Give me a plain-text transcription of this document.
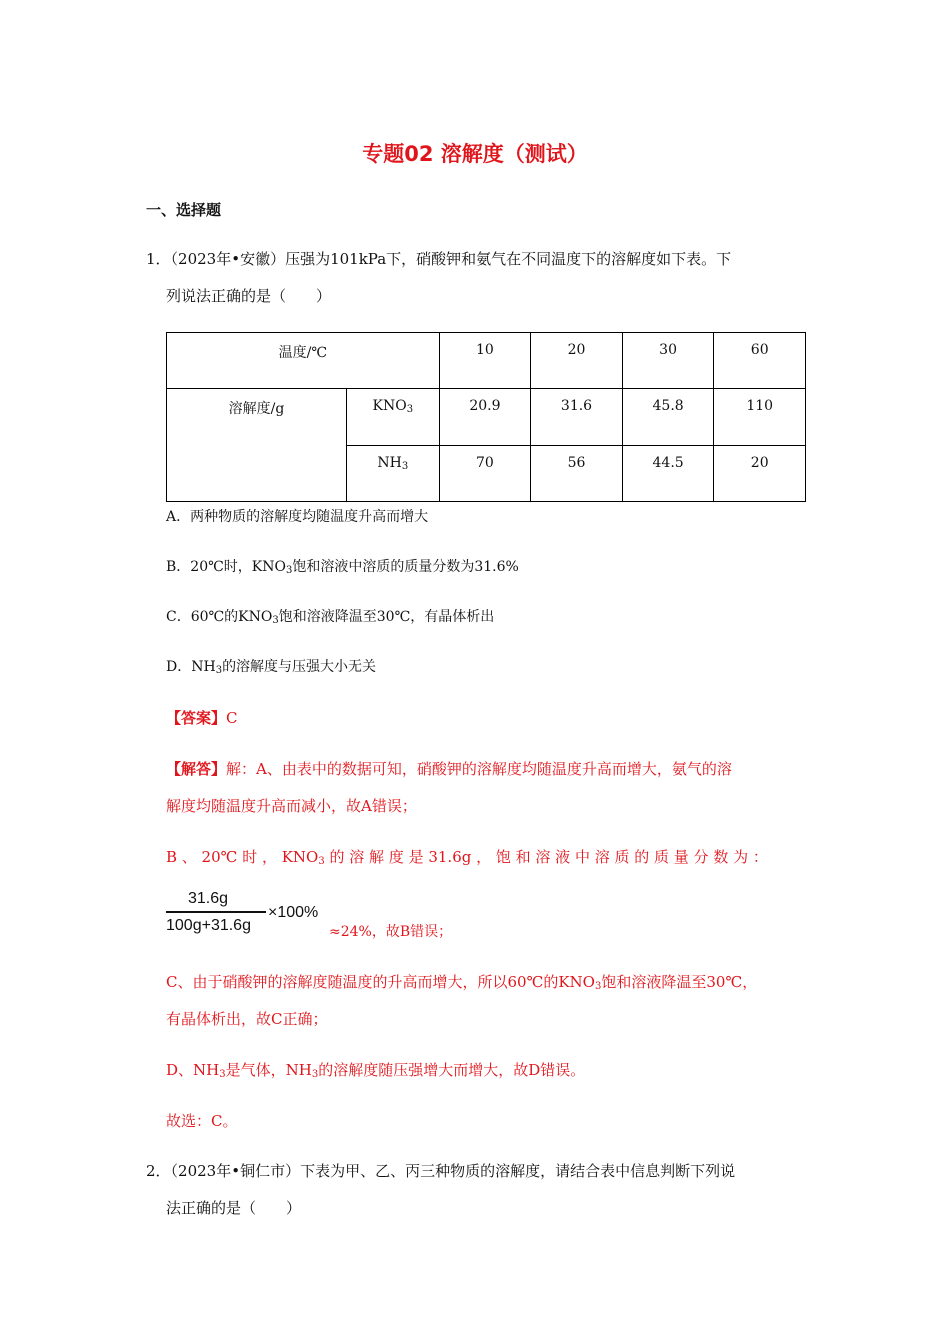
专题02 溶解度（测试）
一、选择题
1．（2023年•安徽）压强为101kPa下，硝酸钾和氨气在不同温度下的溶解度如下表。下
列说法正确的是（　　）
温度/℃		10	20	30	60
溶解度/g	$KNO_3$	20.9	31.6	45.8	110
	$NH_3$	70	56	44.5	20
A．两种物质的溶解度均随温度升高而增大
B．20℃时，$KNO_3$饱和溶液中溶质的质量分数为31.6%
C．60℃的$KNO_3$饱和溶液降温至30℃，有晶体析出
D．$NH_3$的溶解度与压强大小无关
【答案】C
【解答】解：A、由表中的数据可知，硝酸钾的溶解度均随温度升高而增大，氨气的溶
解度均随温度升高而减小，故A错误；
B 、 20℃ 时 ， $KNO_3$ 的 溶 解 度 是 31.6g ， 饱 和 溶 液 中 溶 质 的 质 量 分 数 为 ：
31.6g
100g+31.6g
×100%
≈24%，故B错误；
C、由于硝酸钾的溶解度随温度的升高而增大，所以60℃的$KNO_3$饱和溶液降温至30℃，
有晶体析出，故C正确；
D、$NH_3$是气体，$NH_3$的溶解度随压强增大而增大，故D错误。
故选：C。
2．（2023年•铜仁市）下表为甲、乙、丙三种物质的溶解度，请结合表中信息判断下列说
法正确的是（　　）
